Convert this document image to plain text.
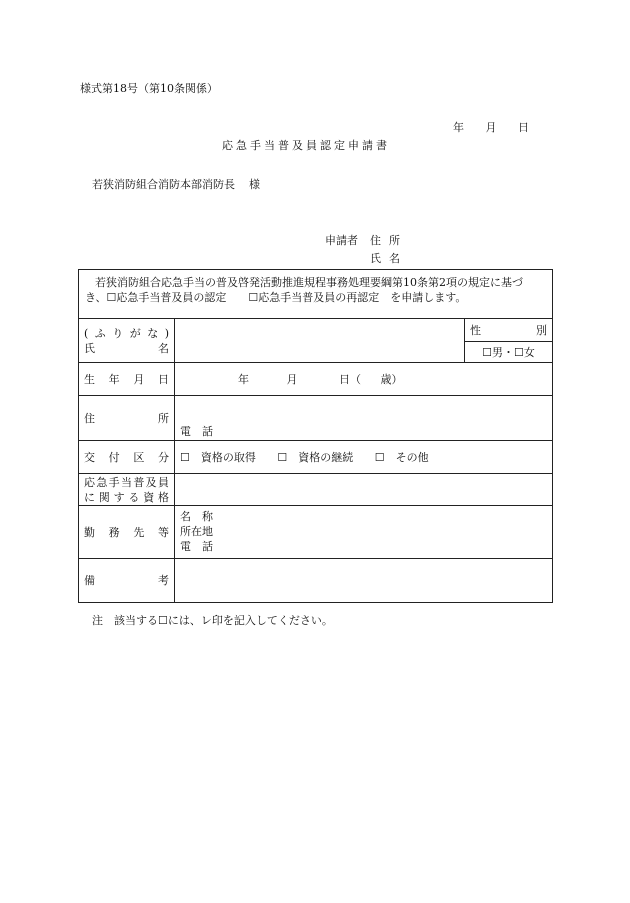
様式第18号（第10条関係）
年 月 日
応急手当普及員認定申請書
若狭消防組合消防本部消防長 様
申請者 住所
氏名
若狭消防組合応急手当の普及啓発活動推進規程事務処理要綱第10条第2項の規定に基づ
き、☐応急手当普及員の認定　　☐応急手当普及員の再認定　を申請します。		

(ふりがな)
氏名		性別
		☐男・☐女
生年月日	年 月 日（ 歳）	
住所	電　話	
交付区分	☐　資格の取得 ☐　資格の継続 ☐　その他	

応急手当普及員
に関する資格		

勤務先等	名　称
所在地
電　話	

備考		
注　該当する☐には、レ印を記入してください。
